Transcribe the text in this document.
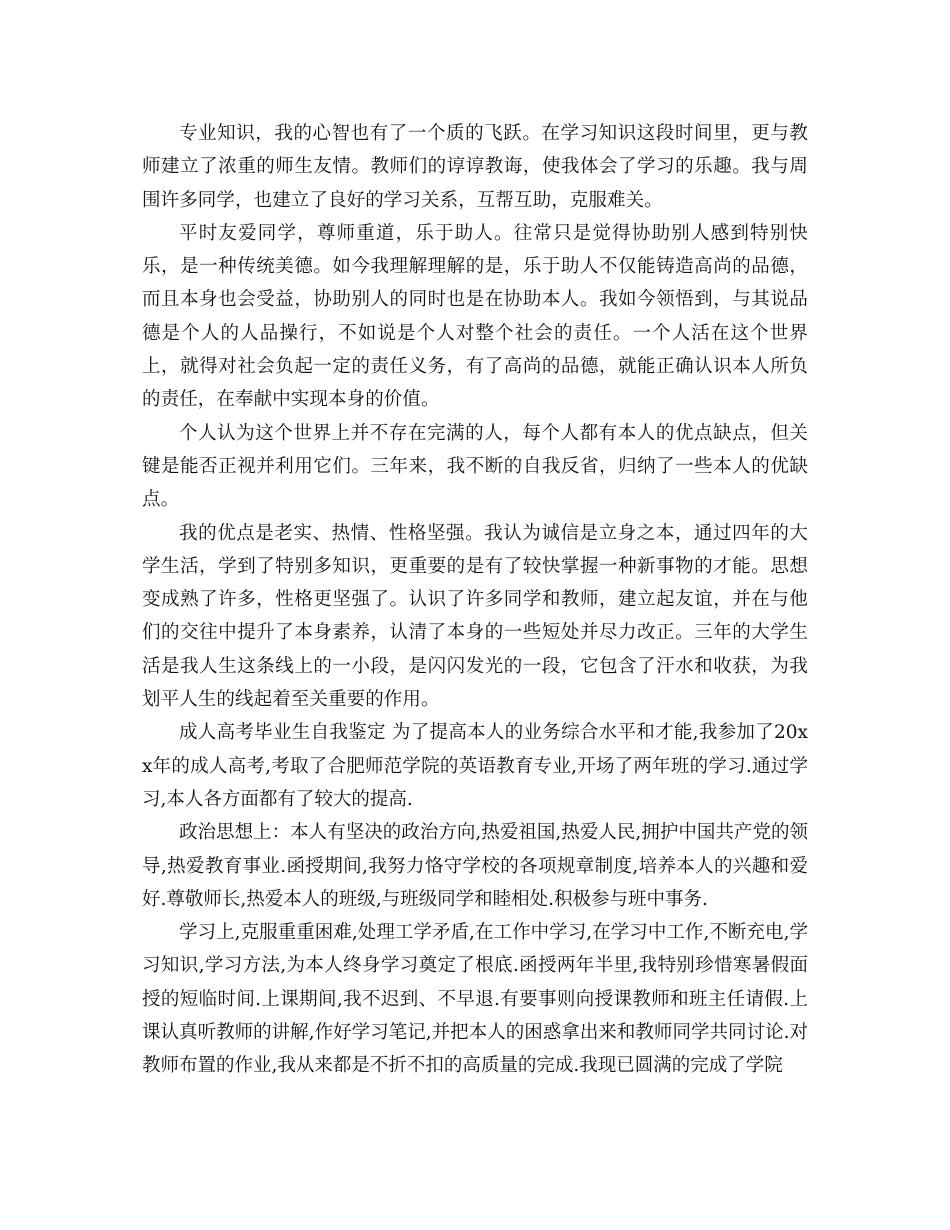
专业知识，我的心智也有了一个质的飞跃。在学习知识这段时间里，更与教师建立了浓重的师生友情。教师们的谆谆教诲，使我体会了学习的乐趣。我与周围许多同学，也建立了良好的学习关系，互帮互助，克服难关。

平时友爱同学，尊师重道，乐于助人。往常只是觉得协助别人感到特别快乐，是一种传统美德。如今我理解理解的是，乐于助人不仅能铸造高尚的品德，而且本身也会受益，协助别人的同时也是在协助本人。我如今领悟到，与其说品德是个人的人品操行，不如说是个人对整个社会的责任。一个人活在这个世界上，就得对社会负起一定的责任义务，有了高尚的品德，就能正确认识本人所负的责任，在奉献中实现本身的价值。

个人认为这个世界上并不存在完满的人，每个人都有本人的优点缺点，但关键是能否正视并利用它们。三年来，我不断的自我反省，归纳了一些本人的优缺点。

我的优点是老实、热情、性格坚强。我认为诚信是立身之本，通过四年的大学生活，学到了特别多知识，更重要的是有了较快掌握一种新事物的才能。思想变成熟了许多，性格更坚强了。认识了许多同学和教师，建立起友谊，并在与他们的交往中提升了本身素养，认清了本身的一些短处并尽力改正。三年的大学生活是我人生这条线上的一小段，是闪闪发光的一段，它包含了汗水和收获，为我划平人生的线起着至关重要的作用。

成人高考毕业生自我鉴定 为了提高本人的业务综合水平和才能,我参加了20xx年的成人高考,考取了合肥师范学院的英语教育专业,开场了两年班的学习.通过学习,本人各方面都有了较大的提高.

政治思想上：本人有坚决的政治方向,热爱祖国,热爱人民,拥护中国共产党的领导,热爱教育事业.函授期间,我努力恪守学校的各项规章制度,培养本人的兴趣和爱好.尊敬师长,热爱本人的班级,与班级同学和睦相处.积极参与班中事务.

学习上,克服重重困难,处理工学矛盾,在工作中学习,在学习中工作,不断充电,学习知识,学习方法,为本人终身学习奠定了根底.函授两年半里,我特别珍惜寒暑假面授的短临时间.上课期间,我不迟到、不早退.有要事则向授课教师和班主任请假.上课认真听教师的讲解,作好学习笔记,并把本人的困惑拿出来和教师同学共同讨论.对教师布置的作业,我从来都是不折不扣的高质量的完成.我现已圆满的完成了学院
